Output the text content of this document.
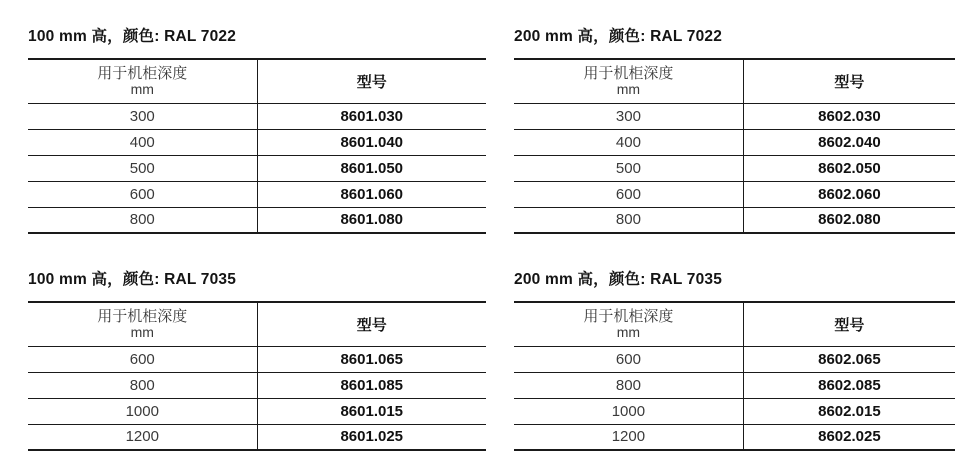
100 mm 高，颜色: RAL 7022
用于机柜深度
mm	型号
300	8601.030
400	8601.040
500	8601.050
600	8601.060
800	8601.080
200 mm 高，颜色: RAL 7022
用于机柜深度
mm	型号
300	8602.030
400	8602.040
500	8602.050
600	8602.060
800	8602.080
100 mm 高，颜色: RAL 7035
用于机柜深度
mm	型号
600	8601.065
800	8601.085
1000	8601.015
1200	8601.025
200 mm 高，颜色: RAL 7035
用于机柜深度
mm	型号
600	8602.065
800	8602.085
1000	8602.015
1200	8602.025
